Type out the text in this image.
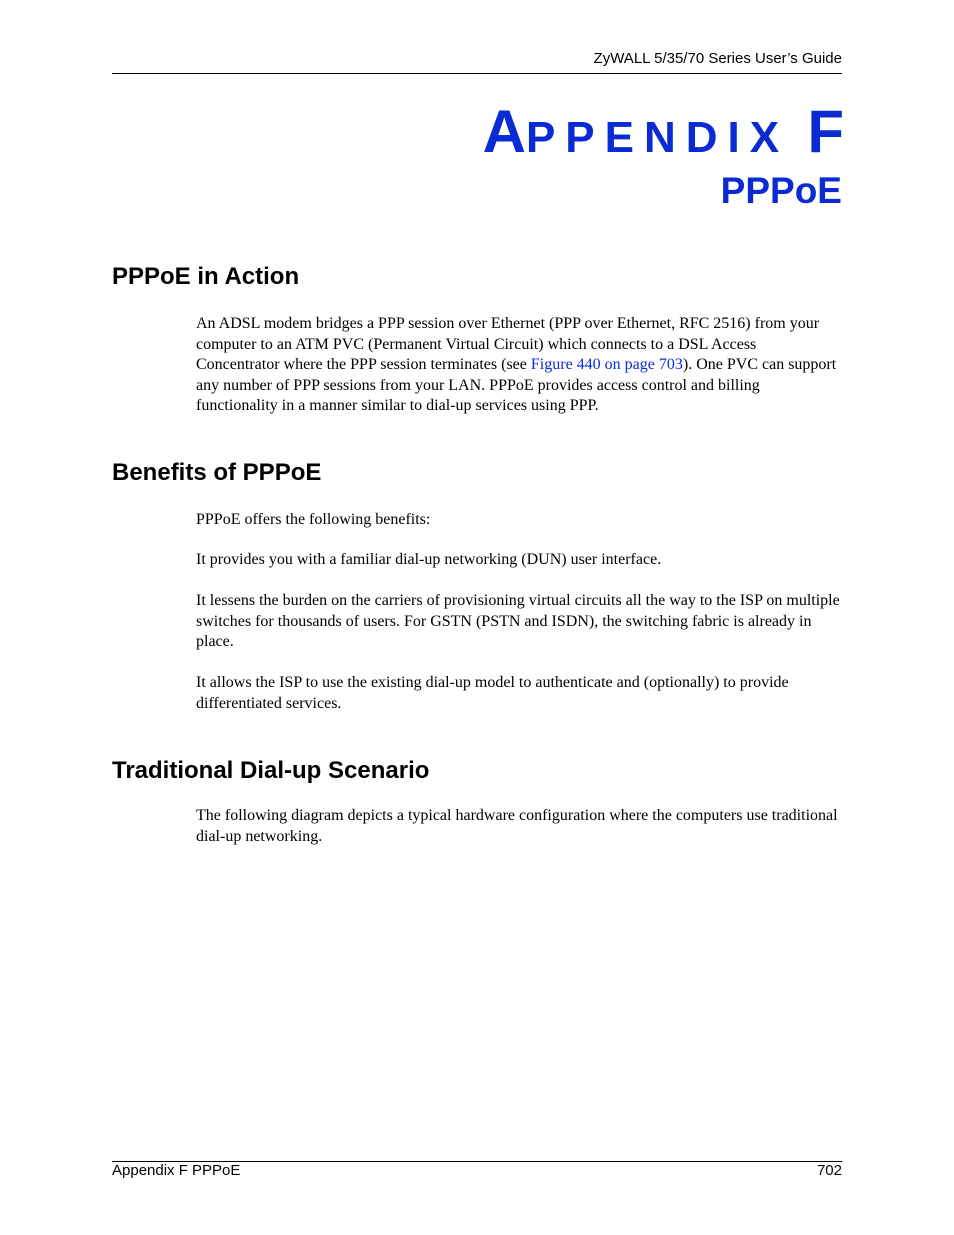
ZyWALL 5/35/70 Series User’s Guide
APPENDIX F
PPPoE
PPPoE in Action

An ADSL modem bridges a PPP session over Ethernet (PPP over Ethernet, RFC 2516) from your computer to an ATM PVC (Permanent Virtual Circuit) which connects to a DSL Access Concentrator where the PPP session terminates (see Figure 440 on page 703). One PVC can support any number of PPP sessions from your LAN. PPPoE provides access control and billing functionality in a manner similar to dial-up services using PPP.

Benefits of PPPoE

PPPoE offers the following benefits:

It provides you with a familiar dial-up networking (DUN) user interface.

It lessens the burden on the carriers of provisioning virtual circuits all the way to the ISP on multiple switches for thousands of users. For GSTN (PSTN and ISDN), the switching fabric is already in place.

It allows the ISP to use the existing dial-up model to authenticate and (optionally) to provide differentiated services.

Traditional Dial-up Scenario

The following diagram depicts a typical hardware configuration where the computers use traditional dial-up networking.

Appendix F PPPoE	702
